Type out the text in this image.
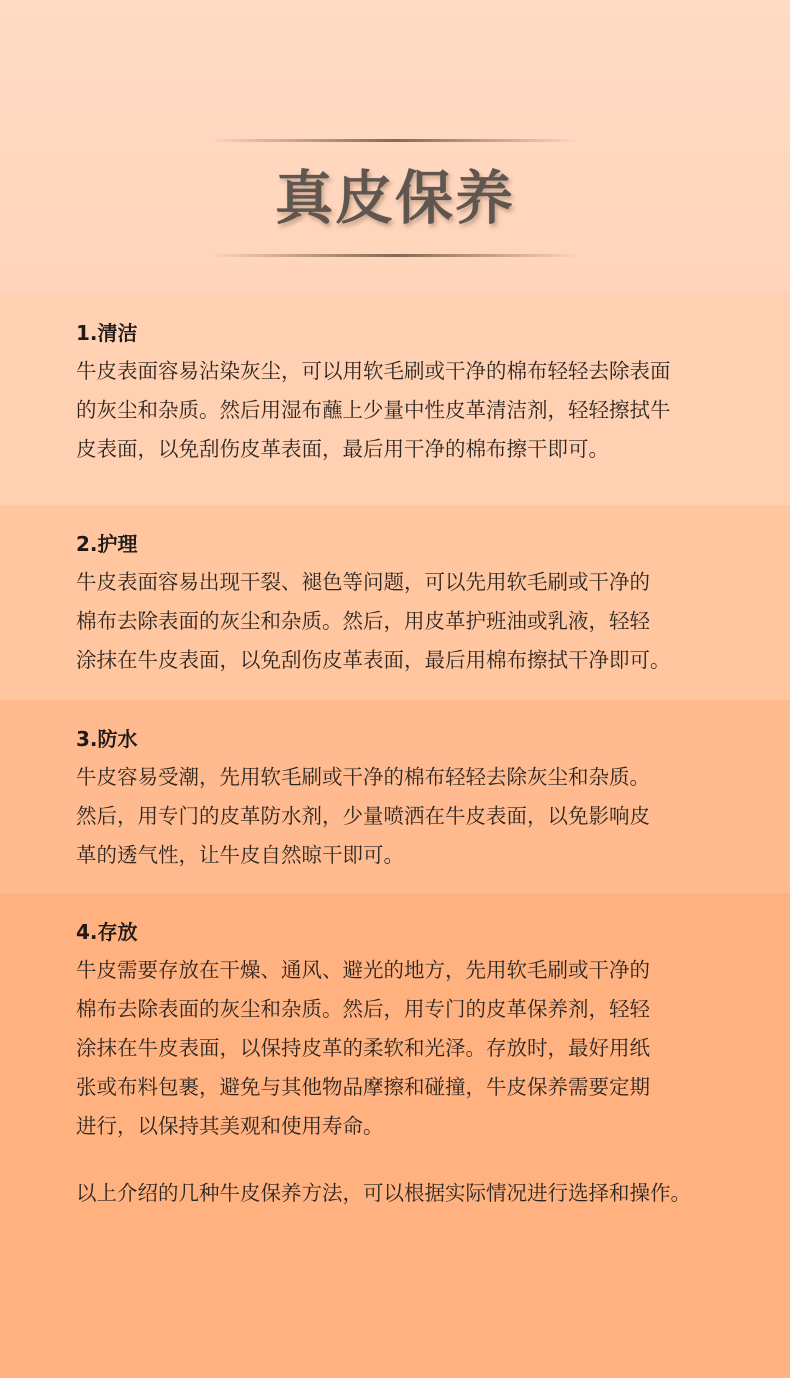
真皮保养
1.清洁
牛皮表面容易沾染灰尘，可以用软毛刷或干净的棉布轻轻去除表面
的灰尘和杂质。然后用湿布蘸上少量中性皮革清洁剂，轻轻擦拭牛
皮表面，以免刮伤皮革表面，最后用干净的棉布擦干即可。
2.护理
牛皮表面容易出现干裂、褪色等问题，可以先用软毛刷或干净的
棉布去除表面的灰尘和杂质。然后，用皮革护班油或乳液，轻轻
涂抹在牛皮表面，以免刮伤皮革表面，最后用棉布擦拭干净即可。
3.防水
牛皮容易受潮，先用软毛刷或干净的棉布轻轻去除灰尘和杂质。
然后，用专门的皮革防水剂，少量喷洒在牛皮表面，以免影响皮
革的透气性，让牛皮自然晾干即可。
4.存放
牛皮需要存放在干燥、通风、避光的地方，先用软毛刷或干净的
棉布去除表面的灰尘和杂质。然后，用专门的皮革保养剂，轻轻
涂抹在牛皮表面，以保持皮革的柔软和光泽。存放时，最好用纸
张或布料包裹，避免与其他物品摩擦和碰撞，牛皮保养需要定期
进行，以保持其美观和使用寿命。
以上介绍的几种牛皮保养方法，可以根据实际情况进行选择和操作。
